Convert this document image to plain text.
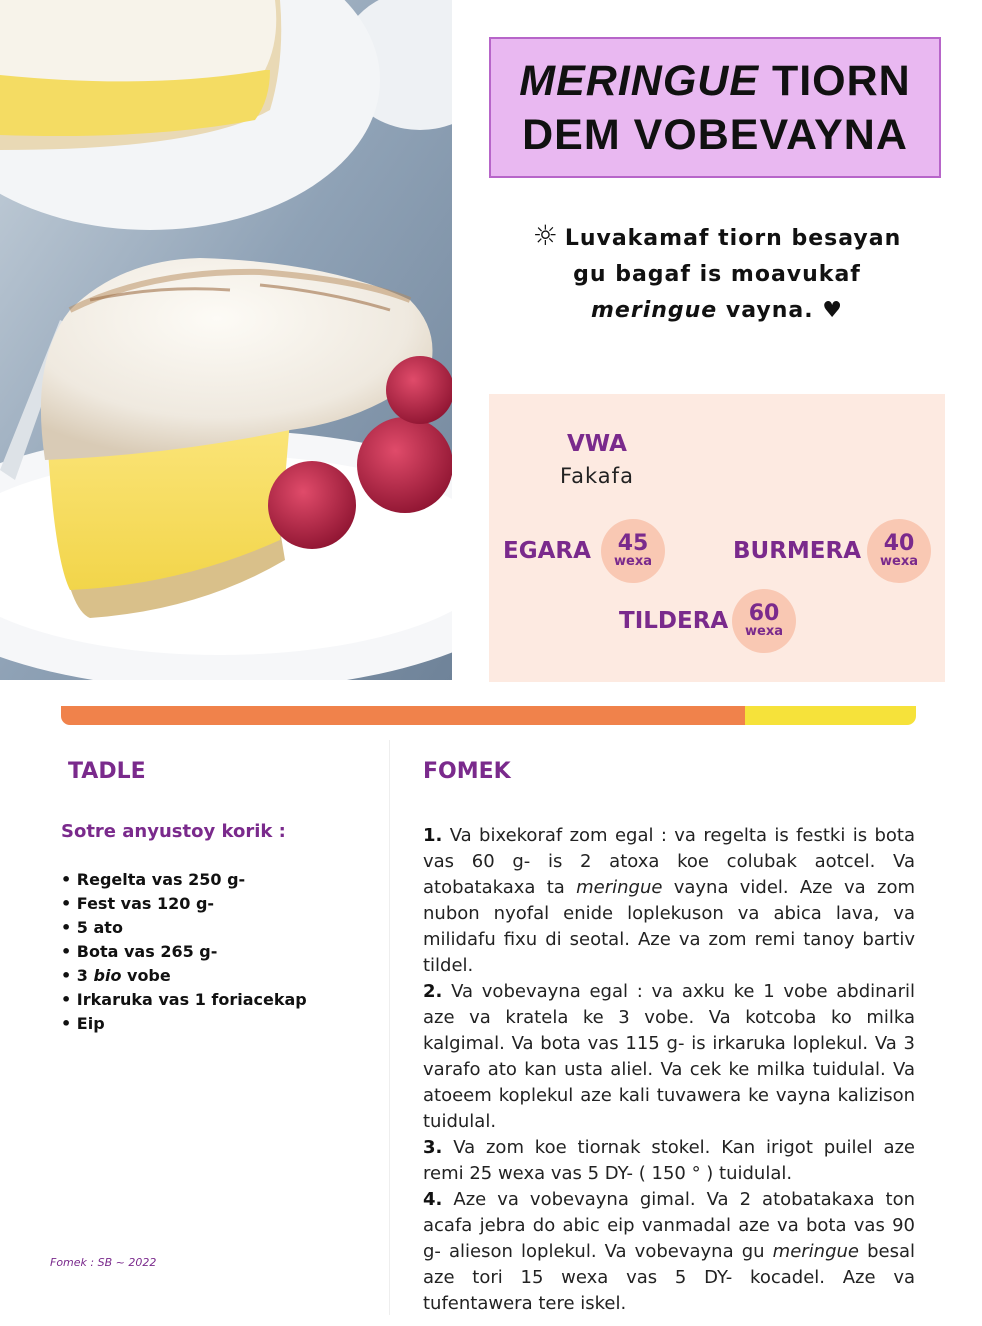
MERINGUE TIORN
DEM VOBEVAYNA
☼ Luvakamaf tiorn besayan
gu bagaf is moavukaf
meringue vayna. ♥
VWA
Fakafa
EGARA 45
wexa	BURMERA 40
wexa
TILDERA 60
wexa
TADLE
Sotre anyustoy korik :
• Regelta vas 250 g-
• Fest vas 120 g-
• 5 ato
• Bota vas 265 g-
• 3 bio vobe
• Irkaruka vas 1 foriacekap
• Eip
FOMEK

1. Va bixekoraf zom egal : va regelta is festki is bota vas 60 g- is 2 atoxa koe colubak aotcel. Va atobatakaxa ta meringue vayna videl. Aze va zom nubon nyofal enide loplekuson va abica lava, va milidafu fixu di seotal. Aze va zom remi tanoy bartiv tildel.

2. Va vobevayna egal : va axku ke 1 vobe abdinaril aze va kratela ke 3 vobe. Va kotcoba ko milka kalgimal. Va bota vas 115 g- is irkaruka loplekul. Va 3 varafo ato kan usta aliel. Va cek ke milka tuidulal. Va atoeem koplekul aze kali tuvawera ke vayna kalizison tuidulal.

3. Va zom koe tiornak stokel. Kan irigot puilel aze remi 25 wexa vas 5 DY- ( 150 ° ) tuidulal.

4. Aze va vobevayna gimal. Va 2 atobatakaxa ton acafa jebra do abic eip vanmadal aze va bota vas 90 g- alieson loplekul. Va vobevayna gu meringue besal aze tori 15 wexa vas 5 DY- kocadel. Aze va tufentawera tere iskel.

Fomek : SB ~ 2022
